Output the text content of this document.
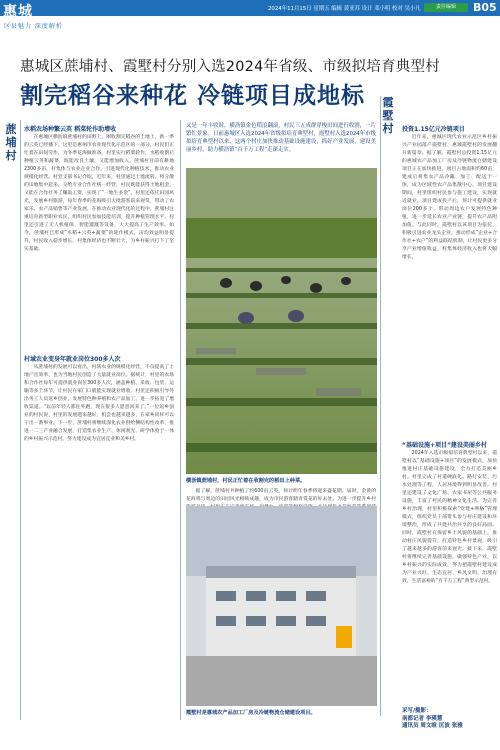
惠城
区县魅力 深度解析
2024年11月15日 星期五 编辑 黄亚苏 设计 邓小明 校对 吴小凡	责任编辑	B05
惠城区蔗埔村、霞墅村分别入选2024年省级、市级拟培育典型村
割完稻谷来种花 冷链项目成地标
蔗埔村
水稻农场种繁云英 稻菜轮作助增收

在惠城区横沥镇蔗埔村的田野上，刚收割完稻谷的土地上，新一季的云英已经播下。这里是惠州市农业现代化示范区的一部分，村民们正忙着在田间劳作，为冬季花海做准备。村里实行稻菜轮作，水稻收割后种植云英和蔬菜，既能改良土壤，又能增加收入。蔗埔村目前有耕地2300多亩，村集体与农业企业合作，引进现代化种植技术，推动农业规模化经营。村党支部书记介绍，近年来，村里通过土地流转，将分散的田地集中起来，交给专业合作社统一经营，村民既能获得土地租金，又能在合作社务工赚取工资，实现了“一地生多金”。村里还依托田园风光，发展乡村旅游，每年春季的花海吸引大批游客前来观赏，带动了农家乐、农产品销售等产业发展。在推动农业现代化的过程中，蔗埔村注重培育新型职业农民，组织村民参加技能培训，提升种植管理水平。村里还引进了无人机植保、智能灌溉等设备，大大提高了生产效率。如今，蔗埔村已形成“水稻+云英+蔬菜”的轮作模式，亩均效益明显提升，村民收入稳步增长，村集体经济也不断壮大，为乡村振兴打下了坚实基础。

村域农业变身年就业岗位300多人次

从蔗埔村的发展可以看出，村域农业的规模化经营，不仅提高了土地产出效率，也为当地村民创造了大量就业岗位。据统计，村里的农场和合作社每年可提供就业岗位300多人次，涵盖种植、采收、包装、运输等多个环节，让村民在家门口就能实现就业增收。村里还积极引导外出务工人员返乡创业，发展特色种养殖和农产品加工，进一步拓宽了增收渠道。“以前年轻人都往外跑，现在很多人愿意回来了。”一位返乡创业的村民说，村里的发展越来越好，机会也越来越多，在家乡同样可以干出一番事业。下一步，蔗埔村将继续深化农业供给侧结构性改革，推进一二三产业融合发展，打造集农业生产、休闲观光、研学体验于一体的乡村振兴示范村，努力建设成为宜居宜业和美乡村。

又是一年丰收时，横沥镇金色稻浪翻滚，村民三五成群穿梭田间进行收割，一片繁忙景象。日前惠城区入选2024年省级拟培育典型村，霞墅村入选2024年市级拟培育典型村以来，这两个村庄加快推动基础设施建设，抓好产业发展，建设美丽乡村，助力横沥镇“百千万工程”走深走实。

横沥镇蔗埔村，村民正忙着在收割完的稻田上种菜。

据了解，蔗埔村共种植了约600亩云英，预计明年春季将迎来盛花期。届时，金黄的花海将与周边的田园风光相映成趣，成为市民游客踏青赏花的好去处。为进一步提升乡村

霞墅村是惠城农产品加工厂房及冷链物流仓储建设项目。
霞墅村 投资1.15亿元冷链项目

近年来，惠城区现代农业示范区乡村振兴产业园落户霞墅村，惠城霞墅村的发展翻开新篇章。据了解，霞墅村总投资1.15亿元的惠城农产品加工厂房及冷链物流仓储建设项目正在加快推进，项目占地面积约60亩，建成后将集农产品冷藏、加工、配送于一体，成为区域性农产品集散中心。项目建设期间，村里组织村民参与施工建设，实现就近就业。项目建成投产后，预计可提供就业岗位200多个，带动周边农户发展特色种植，进一步延长农业产业链，提升农产品附加值。与此同时，霞墅村以该项目为依托，积极引进农业龙头企业，推动形成“企业+合作社+农户”的利益联结机制，让村民更多分享产业增值收益，村集体经济收入也将大幅增长。

“基础设施+项目”建设美丽乡村

2024年入选市级拟培育典型村以来，霞墅村以“基础设施+项目”的发展模式，加快推进村庄基础设施建设，全力打造美丽乡村。村里完成了村道硬底化、路灯安装、污水处理等工程，人居环境得到明显改善。村里还建设了文化广场、农家书屋等公共服务设施，丰富了村民的精神文化生活。为完善乡村治理，村里积极探索“党建+网格”管理模式，组织党员干部带头参与村庄建设和环境整治，形成了共建共治共享的良好局面。同时，霞墅村在保留乡土风貌的基础上，推动村庄风貌提升，打造特色乡村景观，吸引了越来越多的游客前来观光。接下来，霞墅村将继续完善基础设施，做强特色产业，以乡村振兴的实际成效，努力把霞墅村建设成为产业兴旺、生态宜居、乡风文明、治理有效、生活富裕的“百千万工程”典型示范村。

采写/摄影：
南都记者 李瑛慧
通讯员 周文暄 匡波 张雅
